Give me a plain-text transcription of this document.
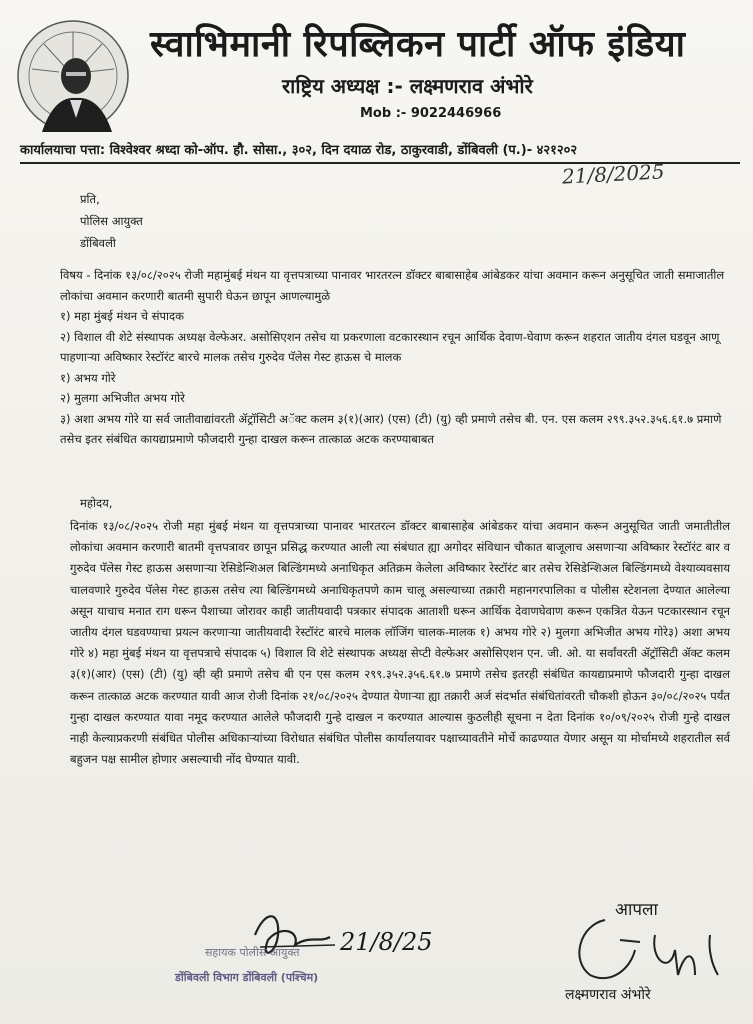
स्वाभिमानी रिपब्लिकन पार्टी ऑफ इंडिया
राष्ट्रिय अध्यक्ष :- लक्ष्मणराव अंभोरे
Mob :- 9022446966
कार्यालयाचा पत्ता: विश्वेश्वर श्रध्दा को-ऑप. हौ. सोसा., ३०२, दिन दयाळ रोड, ठाकुरवाडी, डोंबिवली (प.)- ४२१२०२
21/8/2025
प्रति,
पोलिस आयुक्त
डोंबिवली

विषय - दिनांक १३/०८/२०२५ रोजी महामुंबई मंथन या वृत्तपत्राच्या पानावर भारतरत्न डॉक्टर बाबासाहेब आंबेडकर यांचा अवमान करून अनुसूचित जाती समाजातील लोकांचा अवमान करणारी बातमी सुपारी घेऊन छापून आणल्यामुळे

१) महा मुंबई मंथन चे संपादक

२) विशाल वी शेटे संस्थापक अध्यक्ष वेल्फेअर. असोसिएशन तसेच या प्रकरणाला वटकारस्थान रचून आर्थिक देवाण-घेवाण करून शहरात जातीय दंगल घडवून आणू पाहणाऱ्या अविष्कार रेस्टॉरंट बारचे मालक तसेच गुरुदेव पॅलेस गेस्ट हाऊस चे मालक

१) अभय गोरे

२) मुलगा अभिजीत अभय गोरे

३) अशा अभय गोरे या सर्व जातीवाद्यांवरती ॲट्रॉसिटी अॅक्ट कलम ३(१)(आर) (एस) (टी) (यु) व्ही प्रमाणे तसेच बी. एन. एस कलम २९९.३५२.३५६.६१.७ प्रमाणे तसेच इतर संबंधित कायद्याप्रमाणे फौजदारी गुन्हा दाखल करून तात्काळ अटक करण्याबाबत

महोदय,
दिनांक १३/०८/२०२५ रोजी महा मुंबई मंथन या वृत्तपत्राच्या पानावर भारतरत्न डॉक्टर बाबासाहेब आंबेडकर यांचा अवमान करून अनुसूचित जाती जमातीतील लोकांचा अवमान करणारी बातमी वृत्तपत्रावर छापून प्रसिद्ध करण्यात आली त्या संबंधात ह्या अगोदर संविधान चौकात बाजूलाच असणाऱ्या अविष्कार रेस्टॉरंट बार व गुरुदेव पॅलेस गेस्ट हाऊस असणाऱ्या रेसिडेन्शिअल बिल्डिंगमध्ये अनाधिकृत अतिक्रम केलेला अविष्कार रेस्टॉरंट बार तसेच रेसिडेन्शिअल बिल्डिंगमध्ये वेश्याव्यवसाय चालवणारे गुरुदेव पॅलेस गेस्ट हाऊस तसेच त्या बिल्डिंगमध्ये अनाधिकृतपणे काम चालू असल्याच्या तक्रारी महानगरपालिका व पोलीस स्टेशनला देण्यात आलेल्या असून याचाच मनात राग धरून पैशाच्या जोरावर काही जातीयवादी पत्रकार संपादक आताशी धरून आर्थिक देवाणघेवाण करून एकत्रित येऊन पटकारस्थान रचून जातीय दंगल घडवण्याचा प्रयत्न करणाऱ्या जातीयवादी रेस्टॉरंट बारचे मालक लॉजिंग चालक-मालक १) अभय गोरे २) मुलगा अभिजीत अभय गोरे३) अशा अभय गोरे ४) महा मुंबई मंथन या वृत्तपत्राचे संपादक ५) विशाल वि शेटे संस्थापक अध्यक्ष सेप्टी वेल्फेअर असोसिएशन एन. जी. ओ. या सर्वांवरती ॲट्रॉसिटी ॲक्ट कलम ३(१)(आर) (एस) (टी) (यु) व्ही व्ही प्रमाणे तसेच बी एन एस कलम २९९.३५२.३५६.६१.७ प्रमाणे तसेच इतरही संबंधित कायद्याप्रमाणे फौजदारी गुन्हा दाखल करून तात्काळ अटक करण्यात यावी आज रोजी दिनांक २१/०८/२०२५ देण्यात येणाऱ्या ह्या तक्रारी अर्ज संदर्भात संबंधितांवरती चौकशी होऊन ३०/०८/२०२५ पर्यंत गुन्हा दाखल करण्यात यावा नमूद करण्यात आलेले फौजदारी गुन्हे दाखल न करण्यात आल्यास कुठलीही सूचना न देता दिनांक १०/०९/२०२५ रोजी गुन्हे दाखल नाही केल्याप्रकरणी संबंधित पोलीस अधिकाऱ्यांच्या विरोधात संबंधित पोलीस कार्यालयावर पक्षाच्यावतीने मोर्चे काढण्यात येणार असून या मोर्चामध्ये शहरातील सर्व बहुजन पक्ष सामील होणार असल्याची नोंद घेण्यात यावी.
21/8/25
सहायक पोलीस आयुक्त
डोंबिवली विभाग डोंबिवली (पश्चिम)
आपला
लक्ष्मणराव अंभोरे
